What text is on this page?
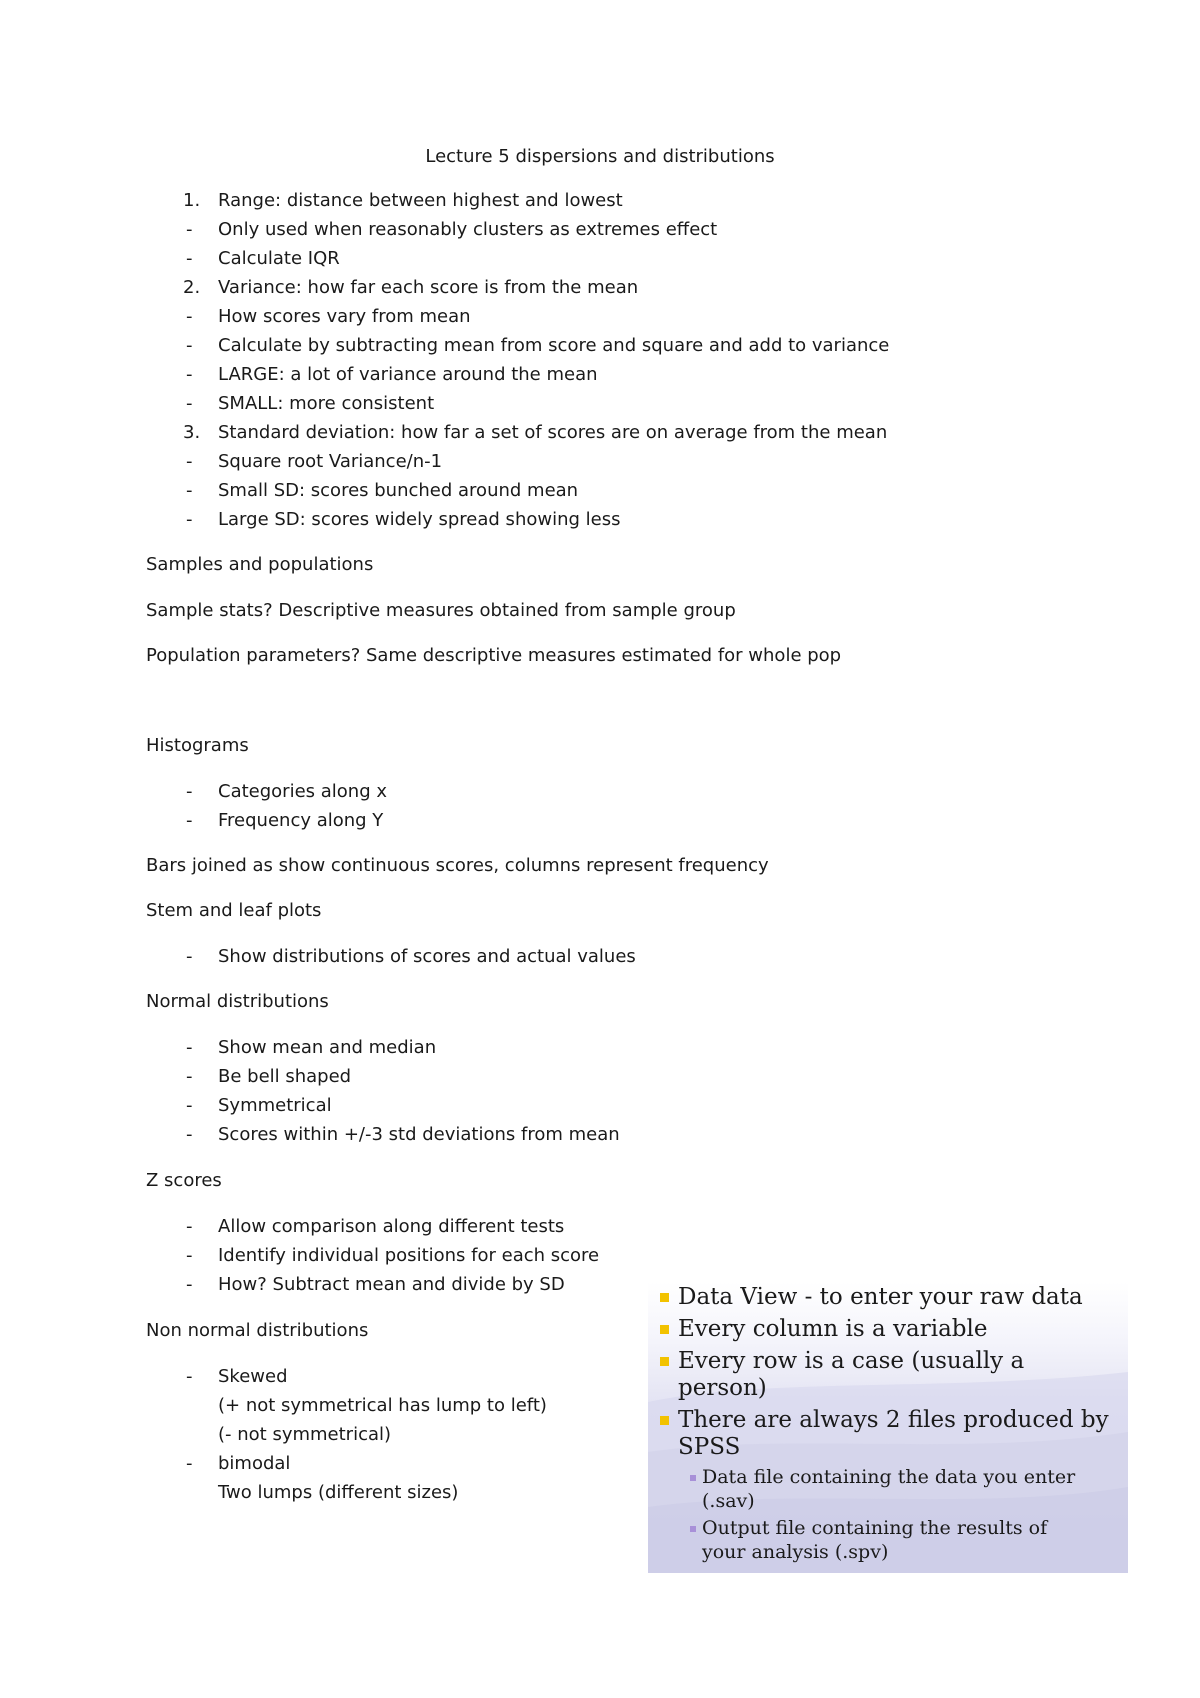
Lecture 5 dispersions and distributions
1. Range: distance between highest and lowest
- Only used when reasonably clusters as extremes effect
- Calculate IQR
2. Variance: how far each score is from the mean
- How scores vary from mean
- Calculate by subtracting mean from score and square and add to variance
- LARGE: a lot of variance around the mean
- SMALL: more consistent
3. Standard deviation: how far a set of scores are on average from the mean
- Square root Variance/n-1
- Small SD: scores bunched around mean
- Large SD: scores widely spread showing less
Samples and populations
Sample stats? Descriptive measures obtained from sample group
Population parameters? Same descriptive measures estimated for whole pop
Histograms
- Categories along x
- Frequency along Y
Bars joined as show continuous scores, columns represent frequency
Stem and leaf plots
- Show distributions of scores and actual values
Normal distributions
- Show mean and median
- Be bell shaped
- Symmetrical
- Scores within +/-3 std deviations from mean
Z scores
- Allow comparison along different tests
- Identify individual positions for each score
- How? Subtract mean and divide by SD
Non normal distributions
- Skewed
(+ not symmetrical has lump to left)
(- not symmetrical)
- bimodal
Two lumps (different sizes)
Data View - to enter your raw data
Every column is a variable
Every row is a case (usually a
person)
There are always 2 files produced by
SPSS
Data file containing the data you enter
(.sav)
Output file containing the results of
your analysis (.spv)
